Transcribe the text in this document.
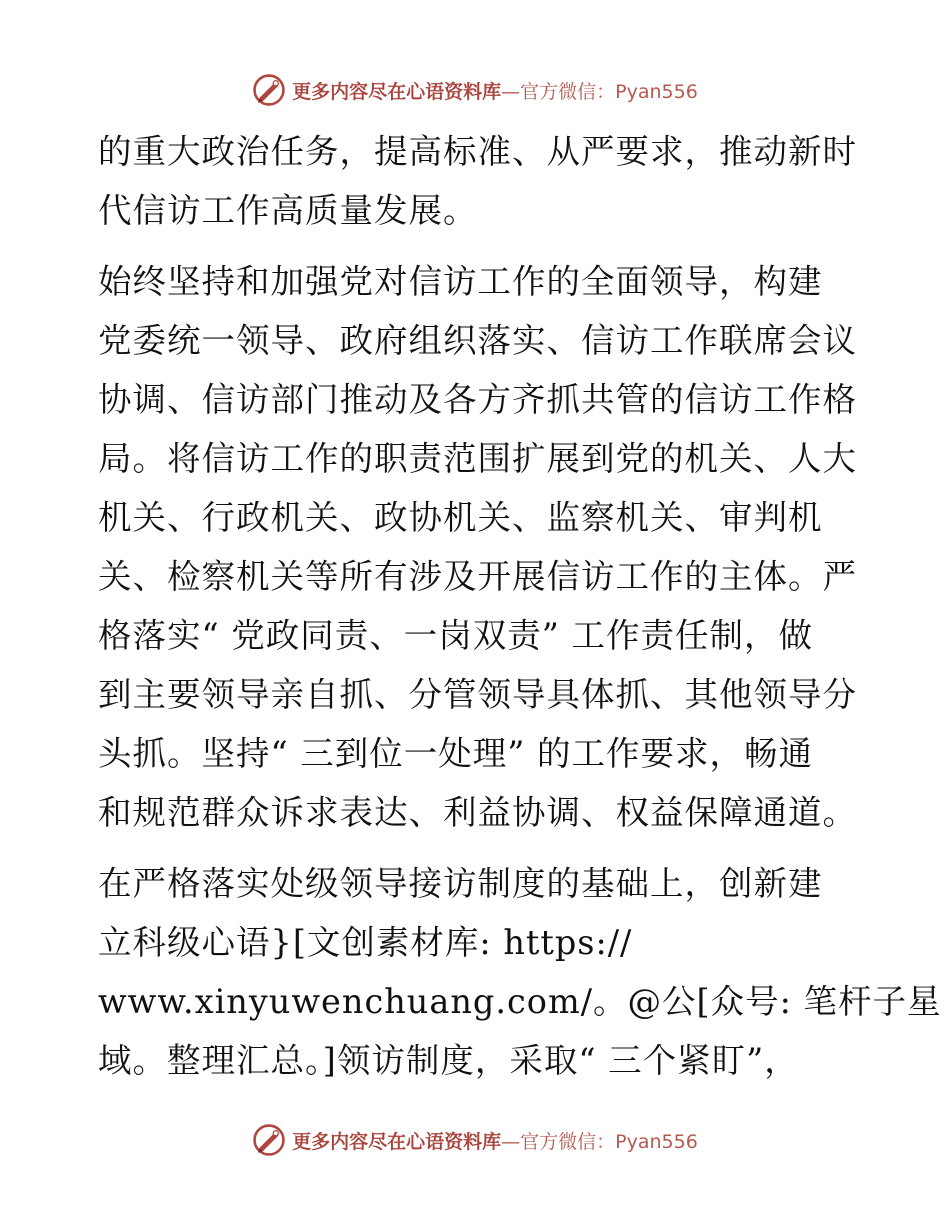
更多内容尽在心语资料库—官方微信：Pyan556
的重大政治任务，提高标准、从严要求，推动新时
代信访工作高质量发展。
始终坚持和加强党对信访工作的全面领导，构建
党委统一领导、政府组织落实、信访工作联席会议
协调、信访部门推动及各方齐抓共管的信访工作格
局。将信访工作的职责范围扩展到党的机关、人大
机关、行政机关、政协机关、监察机关、审判机
关、检察机关等所有涉及开展信访工作的主体。严
格落实“ 党政同责、一岗双责” 工作责任制，做
到主要领导亲自抓、分管领导具体抓、其他领导分
头抓。坚持“ 三到位一处理” 的工作要求，畅通
和规范群众诉求表达、利益协调、权益保障通道。
在严格落实处级领导接访制度的基础上，创新建
立科级心语}[文创素材库: https://
www.xinyuwenchuang.com/。@公[众号: 笔杆子星
域。整理汇总。]领访制度，采取“ 三个紧盯”，
更多内容尽在心语资料库—官方微信：Pyan556
